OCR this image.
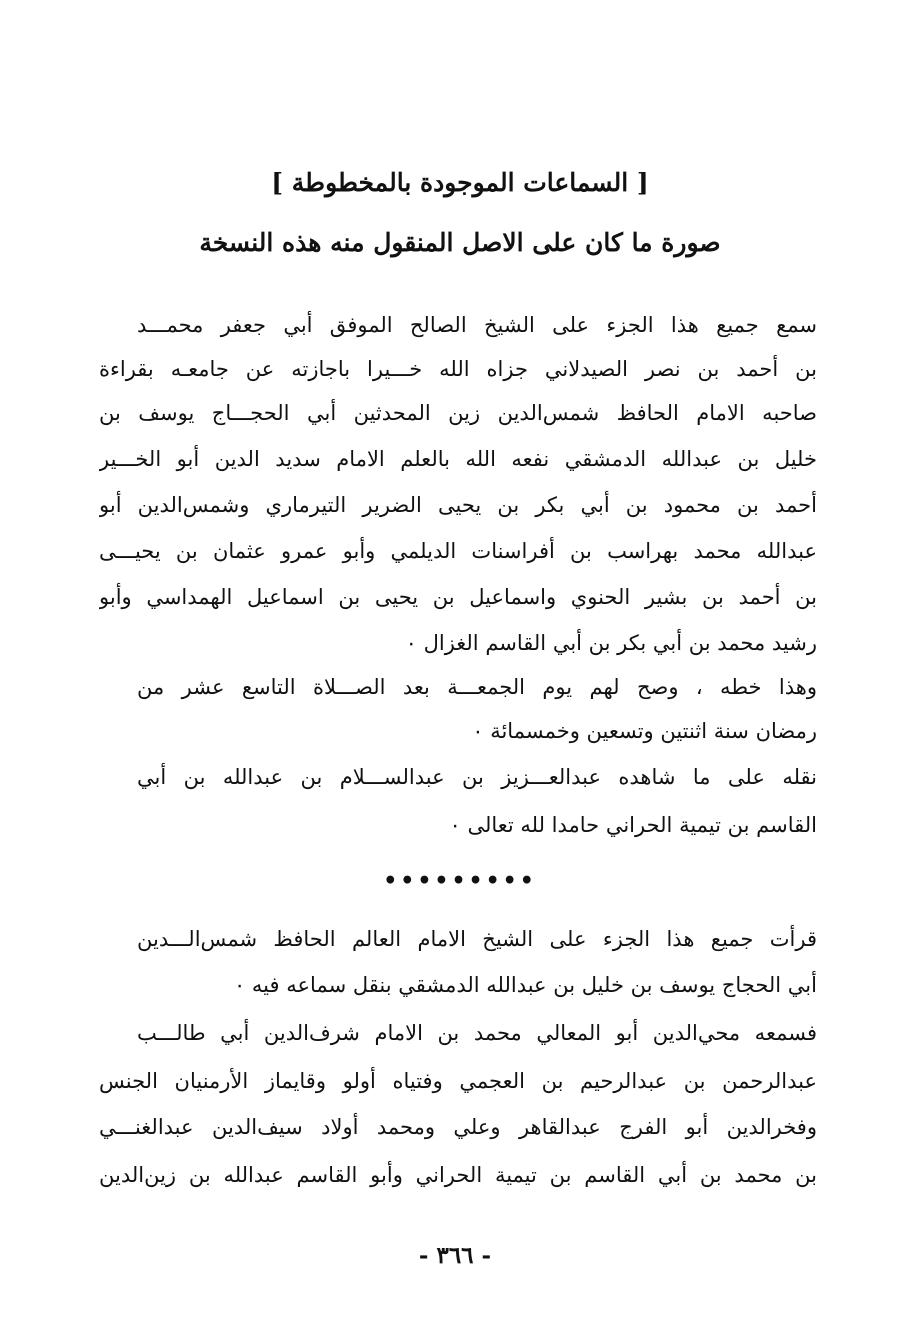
[ السماعات الموجودة بالمخطوطة ]
صورة ما كان على الاصل المنقول منه هذه النسخة
سمع جميع هذا الجزء على الشيخ الصالح الموفق أبي جعفر محمـــد
بن أحمد بن نصر الصيدلاني جزاه الله خـــيرا باجازته عن جامعـه بقراءة
صاحبه الامام الحافظ شمس‌الدين زين المحدثين أبي الحجـــاج يوسف بن
خليل بن عبدالله الدمشقي نفعه الله بالعلم الامام سديد الدين أبو الخـــير
أحمد بن محمود بن أبي بكر بن يحيى الضرير التيرماري وشمس‌الدين أبو
عبدالله محمد بهراسب بن أفراسنات الديلمي وأبو عمرو عثمان بن يحيـــى
بن أحمد بن بشير الحنوي واسماعيل بن يحيى بن اسماعيل الهمداسي وأبو
رشيد محمد بن أبي بكر بن أبي القاسم الغزال ٠
وهذا خطه ، وصح لهم يوم الجمعـــة بعد الصـــلاة التاسع عشر من
رمضان سنة اثنتين وتسعين وخمسمائة ٠
نقله على ما شاهده عبدالعـــزيز بن عبدالســـلام بن عبدالله بن أبي
القاسم بن تيمية الحراني حامدا لله تعالى ٠
•••••••••
قرأت جميع هذا الجزء على الشيخ الامام العالم الحافظ شمس‌الـــدين
أبي الحجاج يوسف بن خليل بن عبدالله الدمشقي بنقل سماعه فيه ٠
فسمعه محي‌الدين أبو المعالي محمد بن الامام شرف‌الدين أبي طالـــب
عبدالرحمن بن عبدالرحيم بن العجمي وفتياه أولو وقايماز الأرمنيان الجنس
وفخرالدين أبو الفرج عبدالقاهر وعلي ومحمد أولاد سيف‌الدين عبدالغنـــي
بن محمد بن أبي القاسم بن تيمية الحراني وأبو القاسم عبدالله بن زين‌الدين
- ٣٦٦ -
